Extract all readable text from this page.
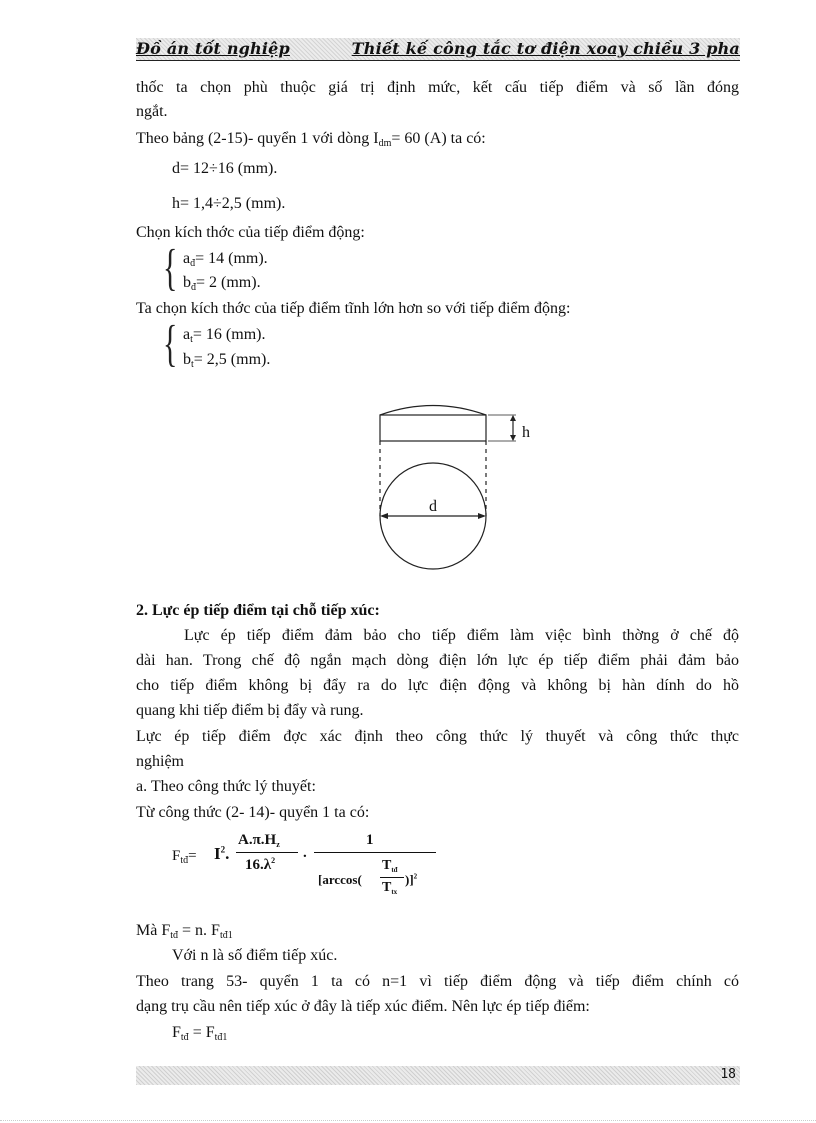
Đồ án tốt nghiệp	Thiết kế công tắc tơ điện xoay chiều 3 pha
thốc ta chọn phù thuộc giá trị định mức, kết cấu tiếp điểm và số lần đóng
ngắt.
Theo bảng (2-15)- quyển 1 với dòng $I_{dm}= 60$ (A) ta có:
d= 12÷16 (mm).
h= 1,4÷2,5 (mm).
Chọn kích thớc của tiếp điểm động:
{ $a_đ= 14$ (mm).
$b_đ= 2$ (mm).
Ta chọn kích thớc của tiếp điểm tĩnh lớn hơn so với tiếp điểm động:
{ $a_t= 16$ (mm).
$b_t= 2,5$ (mm).
h
d
2. Lực ép tiếp điểm tại chỗ tiếp xúc:
Lực ép tiếp điểm đảm bảo cho tiếp điểm làm việc bình thờng ở chế độ
dài han. Trong chế độ ngắn mạch dòng điện lớn lực ép tiếp điểm phải đảm bảo
cho tiếp điểm không bị đẩy ra do lực điện động và không bị hàn dính do hồ
quang khi tiếp điểm bị đẩy và rung.
Lực ép tiếp điểm đợc xác định theo công thức lý thuyết và công thức thực
nghiệm
a. Theo công thức lý thuyết:
Từ công thức (2- 14)- quyển 1 ta có:
$F_{tđ}= I^2$.
$A.\pi.H_z$
$16.\lambda^2$ .
1
[arccos(
$T_{tđ}$
$T_{tx}$
)]$^2$
Mà $F_{tđ} = n$. $F_{tđ1}$
Với n là số điểm tiếp xúc.
Theo trang 53- quyển 1 ta có n=1 vì tiếp điểm động và tiếp điểm chính có
dạng trụ cầu nên tiếp xúc ở đây là tiếp xúc điểm. Nên lực ép tiếp điểm:
$F_{tđ} = F_{tđ1}$
18
